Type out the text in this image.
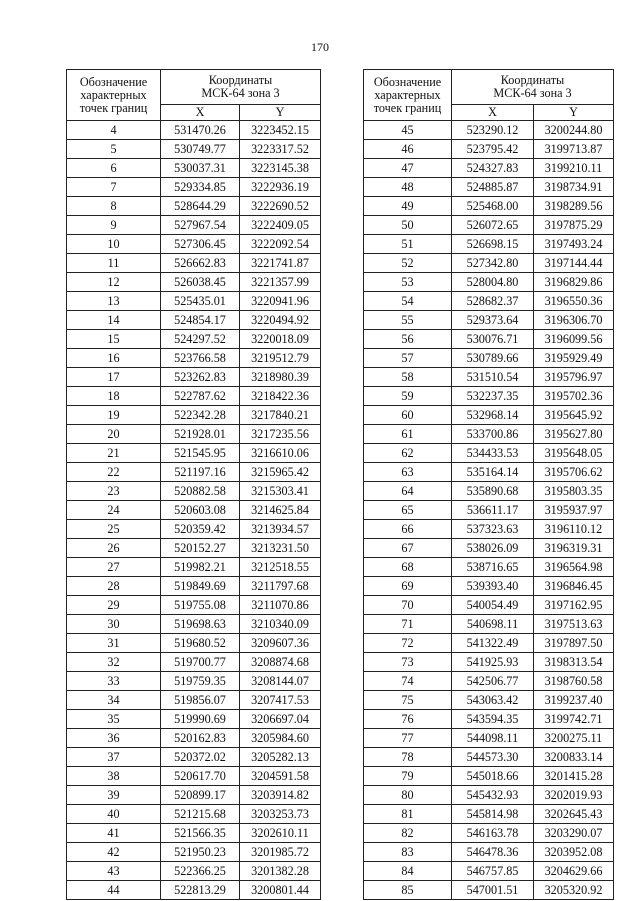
170
Обозначение характерных точек границ	Координаты
МСК-64 зона 3	
	X	Y
4	531470.26	3223452.15
5	530749.77	3223317.52
6	530037.31	3223145.38
7	529334.85	3222936.19
8	528644.29	3222690.52
9	527967.54	3222409.05
10	527306.45	3222092.54
11	526662.83	3221741.87
12	526038.45	3221357.99
13	525435.01	3220941.96
14	524854.17	3220494.92
15	524297.52	3220018.09
16	523766.58	3219512.79
17	523262.83	3218980.39
18	522787.62	3218422.36
19	522342.28	3217840.21
20	521928.01	3217235.56
21	521545.95	3216610.06
22	521197.16	3215965.42
23	520882.58	3215303.41
24	520603.08	3214625.84
25	520359.42	3213934.57
26	520152.27	3213231.50
27	519982.21	3212518.55
28	519849.69	3211797.68
29	519755.08	3211070.86
30	519698.63	3210340.09
31	519680.52	3209607.36
32	519700.77	3208874.68
33	519759.35	3208144.07
34	519856.07	3207417.53
35	519990.69	3206697.04
36	520162.83	3205984.60
37	520372.02	3205282.13
38	520617.70	3204591.58
39	520899.17	3203914.82
40	521215.68	3203253.73
41	521566.35	3202610.11
42	521950.23	3201985.72
43	522366.25	3201382.28
44	522813.29	3200801.44
Обозначение характерных точек границ	Координаты
МСК-64 зона 3	
	X	Y
45	523290.12	3200244.80
46	523795.42	3199713.87
47	524327.83	3199210.11
48	524885.87	3198734.91
49	525468.00	3198289.56
50	526072.65	3197875.29
51	526698.15	3197493.24
52	527342.80	3197144.44
53	528004.80	3196829.86
54	528682.37	3196550.36
55	529373.64	3196306.70
56	530076.71	3196099.56
57	530789.66	3195929.49
58	531510.54	3195796.97
59	532237.35	3195702.36
60	532968.14	3195645.92
61	533700.86	3195627.80
62	534433.53	3195648.05
63	535164.14	3195706.62
64	535890.68	3195803.35
65	536611.17	3195937.97
66	537323.63	3196110.12
67	538026.09	3196319.31
68	538716.65	3196564.98
69	539393.40	3196846.45
70	540054.49	3197162.95
71	540698.11	3197513.63
72	541322.49	3197897.50
73	541925.93	3198313.54
74	542506.77	3198760.58
75	543063.42	3199237.40
76	543594.35	3199742.71
77	544098.11	3200275.11
78	544573.30	3200833.14
79	545018.66	3201415.28
80	545432.93	3202019.93
81	545814.98	3202645.43
82	546163.78	3203290.07
83	546478.36	3203952.08
84	546757.85	3204629.66
85	547001.51	3205320.92
